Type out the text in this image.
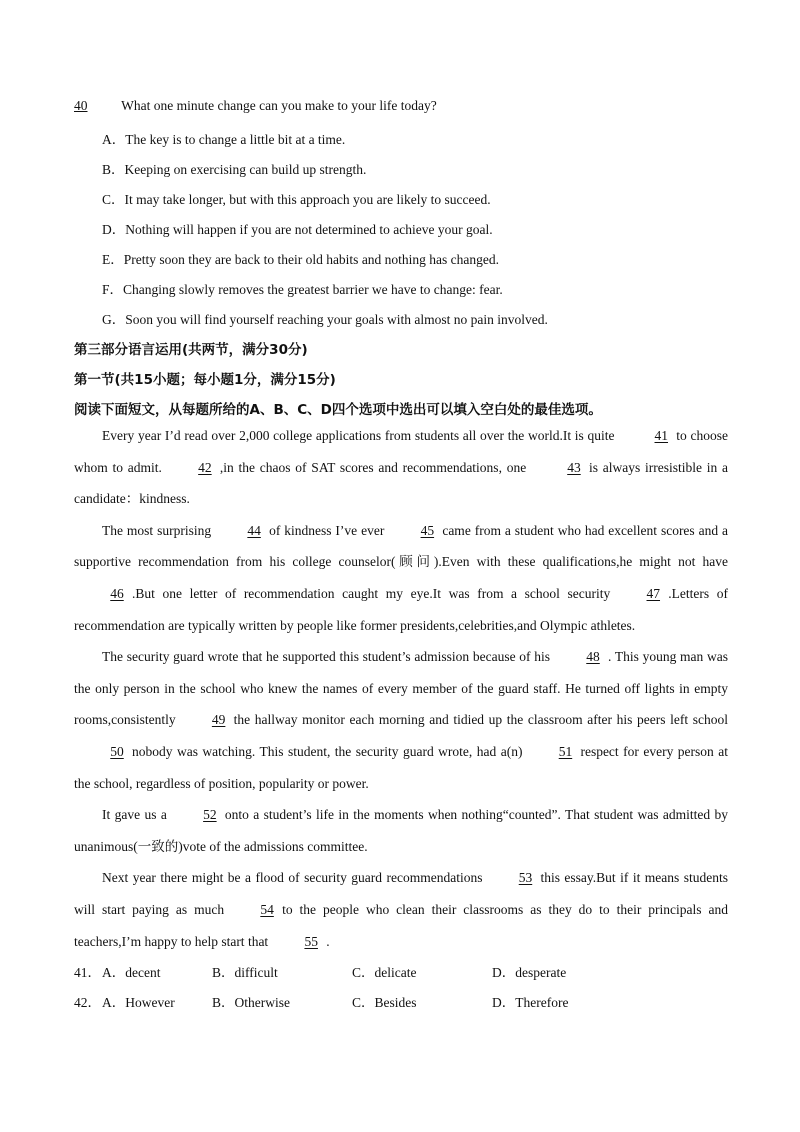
40 What one minute change can you make to your life today?
A．The key is to change a little bit at a time.
B．Keeping on exercising can build up strength.
C．It may take longer, but with this approach you are likely to succeed.
D．Nothing will happen if you are not determined to achieve your goal.
E．Pretty soon they are back to their old habits and nothing has changed.
F．Changing slowly removes the greatest barrier we have to change: fear.
G．Soon you will find yourself reaching your goals with almost no pain involved.
第三部分语言运用(共两节，满分30分)
第一节(共15小题；每小题1分，满分15分)
阅读下面短文，从每题所给的A、B、C、D四个选项中选出可以填入空白处的最佳选项。
Every year I’d read over 2,000 college applications from students all over the world.It is quite	41 to choose whom to admit.	42 ,in the chaos of SAT scores and recommendations, one	43 is always irresistible in a candidate：kindness.
The most surprising	44 of kindness I’ve ever	45 came from a student who had excellent scores and a supportive recommendation from his college counselor(顾问).Even with these qualifications,he might not have46 .But one letter of recommendation caught my eye.It was from a school security	47 .Letters of recommendation are typically written by people like former presidents,celebrities,and Olympic athletes.
The security guard wrote that he supported this student’s admission because of his	48 . This young man was the only person in the school who knew the names of every member of the guard staff. He turned off lights in empty rooms,consistently	49 the hallway monitor each morning and tidied up the classroom after his peers left school50 nobody was watching. This student, the security guard wrote, had a(n)	51 respect for every person at the school, regardless of position, popularity or power.
It gave us a	52 onto a student’s life in the moments when nothing“counted”. That student was admitted by unanimous(一致的)vote of the admissions committee.
Next year there might be a flood of security guard recommendations	53 this essay.But if it means students will start paying as much	54 to the people who clean their classrooms as they do to their principals and teachers,I’m happy to help start that	55 .
41． A．decent	B．difficult	C．delicate	D．desperate
42． A．However	B．Otherwise	C．Besides	D．Therefore
